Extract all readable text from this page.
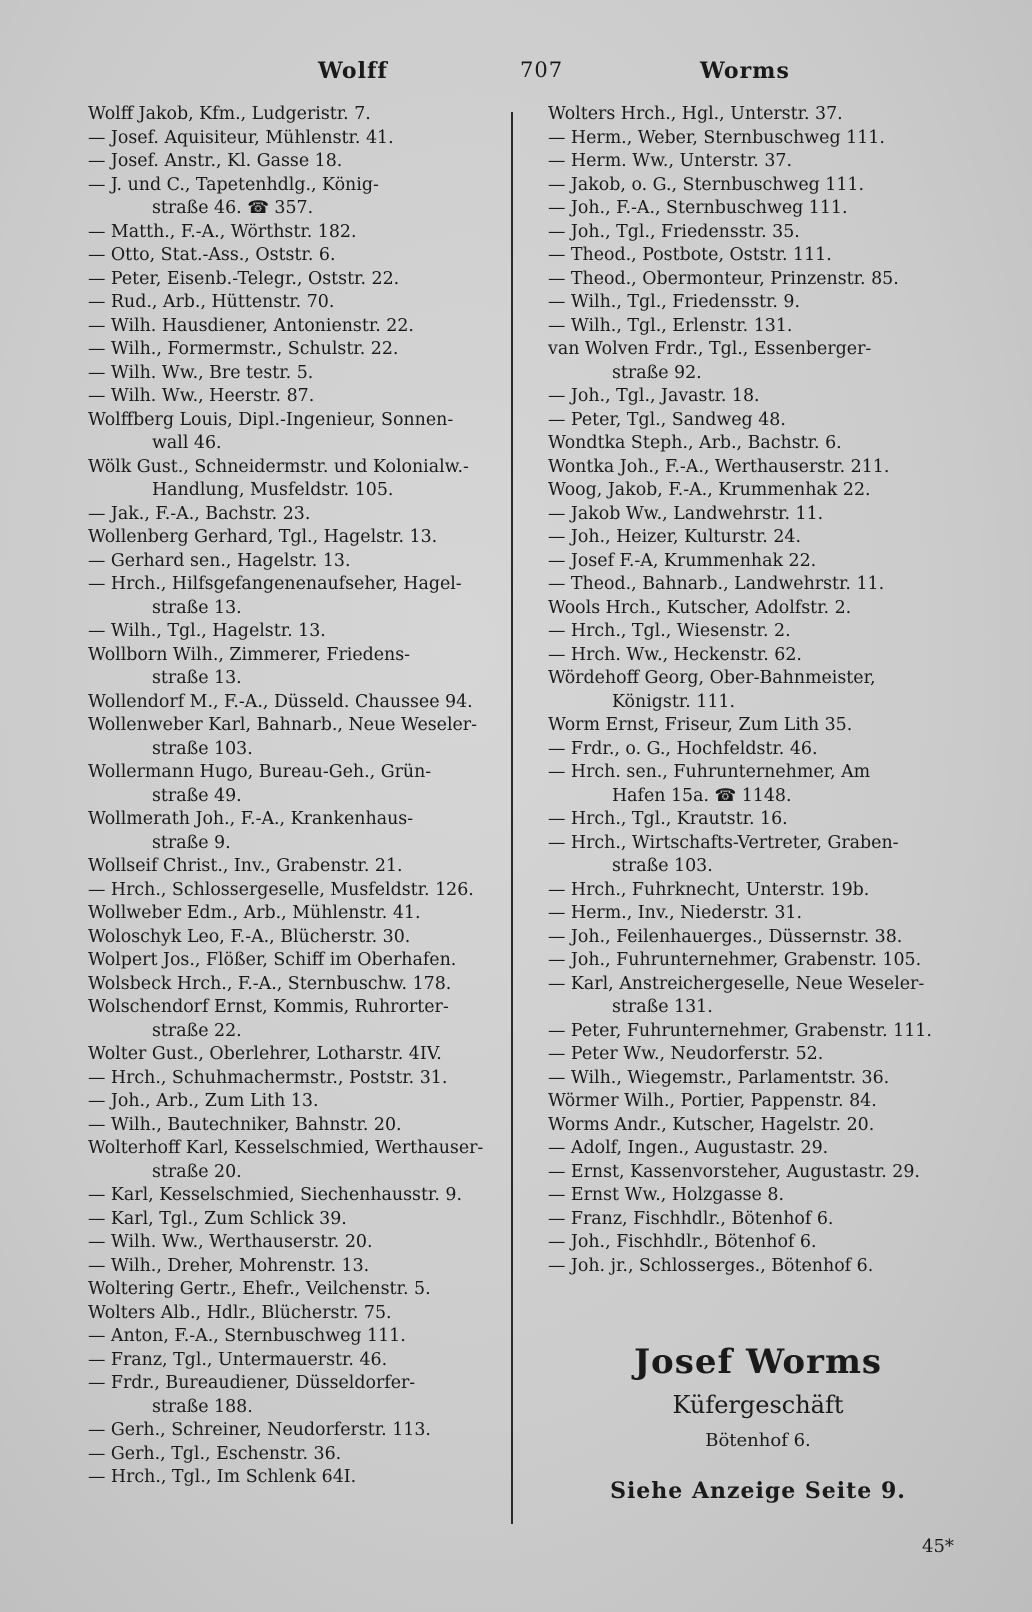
Wolff	707	Worms
Wolff Jakob, Kfm., Ludgeristr. 7.
— Josef. Aquisiteur, Mühlenstr. 41.
— Josef. Anstr., Kl. Gasse 18.
— J. und C., Tapetenhdlg., König-
straße 46. ☎ 357.
— Matth., F.-A., Wörthstr. 182.
— Otto, Stat.-Ass., Oststr. 6.
— Peter, Eisenb.-Telegr., Oststr. 22.
— Rud., Arb., Hüttenstr. 70.
— Wilh. Hausdiener, Antonienstr. 22.
— Wilh., Formermstr., Schulstr. 22.
— Wilh. Ww., Bre testr. 5.
— Wilh. Ww., Heerstr. 87.
Wolffberg Louis, Dipl.-Ingenieur, Sonnen-
wall 46.
Wölk Gust., Schneidermstr. und Kolonialw.-
Handlung, Musfeldstr. 105.
— Jak., F.-A., Bachstr. 23.
Wollenberg Gerhard, Tgl., Hagelstr. 13.
— Gerhard sen., Hagelstr. 13.
— Hrch., Hilfsgefangenenaufseher, Hagel-
straße 13.
— Wilh., Tgl., Hagelstr. 13.
Wollborn Wilh., Zimmerer, Friedens-
straße 13.
Wollendorf M., F.-A., Düsseld. Chaussee 94.
Wollenweber Karl, Bahnarb., Neue Weseler-
straße 103.
Wollermann Hugo, Bureau-Geh., Grün-
straße 49.
Wollmerath Joh., F.-A., Krankenhaus-
straße 9.
Wollseif Christ., Inv., Grabenstr. 21.
— Hrch., Schlossergeselle, Musfeldstr. 126.
Wollweber Edm., Arb., Mühlenstr. 41.
Woloschyk Leo, F.-A., Blücherstr. 30.
Wolpert Jos., Flößer, Schiff im Oberhafen.
Wolsbeck Hrch., F.-A., Sternbuschw. 178.
Wolschendorf Ernst, Kommis, Ruhrorter-
straße 22.
Wolter Gust., Oberlehrer, Lotharstr. 4IV.
— Hrch., Schuhmachermstr., Poststr. 31.
— Joh., Arb., Zum Lith 13.
— Wilh., Bautechniker, Bahnstr. 20.
Wolterhoff Karl, Kesselschmied, Werthauser-
straße 20.
— Karl, Kesselschmied, Siechenhausstr. 9.
— Karl, Tgl., Zum Schlick 39.
— Wilh. Ww., Werthauserstr. 20.
— Wilh., Dreher, Mohrenstr. 13.
Woltering Gertr., Ehefr., Veilchenstr. 5.
Wolters Alb., Hdlr., Blücherstr. 75.
— Anton, F.-A., Sternbuschweg 111.
— Franz, Tgl., Untermauerstr. 46.
— Frdr., Bureaudiener, Düsseldorfer-
straße 188.
— Gerh., Schreiner, Neudorferstr. 113.
— Gerh., Tgl., Eschenstr. 36.
— Hrch., Tgl., Im Schlenk 64I.
Wolters Hrch., Hgl., Unterstr. 37.
— Herm., Weber, Sternbuschweg 111.
— Herm. Ww., Unterstr. 37.
— Jakob, o. G., Sternbuschweg 111.
— Joh., F.-A., Sternbuschweg 111.
— Joh., Tgl., Friedensstr. 35.
— Theod., Postbote, Oststr. 111.
— Theod., Obermonteur, Prinzenstr. 85.
— Wilh., Tgl., Friedensstr. 9.
— Wilh., Tgl., Erlenstr. 131.
van Wolven Frdr., Tgl., Essenberger-
straße 92.
— Joh., Tgl., Javastr. 18.
— Peter, Tgl., Sandweg 48.
Wondtka Steph., Arb., Bachstr. 6.
Wontka Joh., F.-A., Werthauserstr. 211.
Woog, Jakob, F.-A., Krummenhak 22.
— Jakob Ww., Landwehrstr. 11.
— Joh., Heizer, Kulturstr. 24.
— Josef F.-A, Krummenhak 22.
— Theod., Bahnarb., Landwehrstr. 11.
Wools Hrch., Kutscher, Adolfstr. 2.
— Hrch., Tgl., Wiesenstr. 2.
— Hrch. Ww., Heckenstr. 62.
Wördehoff Georg, Ober-Bahnmeister,
Königstr. 111.
Worm Ernst, Friseur, Zum Lith 35.
— Frdr., o. G., Hochfeldstr. 46.
— Hrch. sen., Fuhrunternehmer, Am
Hafen 15a. ☎ 1148.
— Hrch., Tgl., Krautstr. 16.
— Hrch., Wirtschafts-Vertreter, Graben-
straße 103.
— Hrch., Fuhrknecht, Unterstr. 19b.
— Herm., Inv., Niederstr. 31.
— Joh., Feilenhauerges., Düssernstr. 38.
— Joh., Fuhrunternehmer, Grabenstr. 105.
— Karl, Anstreichergeselle, Neue Weseler-
straße 131.
— Peter, Fuhrunternehmer, Grabenstr. 111.
— Peter Ww., Neudorferstr. 52.
— Wilh., Wiegemstr., Parlamentstr. 36.
Wörmer Wilh., Portier, Pappenstr. 84.
Worms Andr., Kutscher, Hagelstr. 20.
— Adolf, Ingen., Augustastr. 29.
— Ernst, Kassenvorsteher, Augustastr. 29.
— Ernst Ww., Holzgasse 8.
— Franz, Fischhdlr., Bötenhof 6.
— Joh., Fischhdlr., Bötenhof 6.
— Joh. jr., Schlosserges., Bötenhof 6.
Josef Worms
Küfergeschäft
Bötenhof 6.
Siehe Anzeige Seite 9.
45*
